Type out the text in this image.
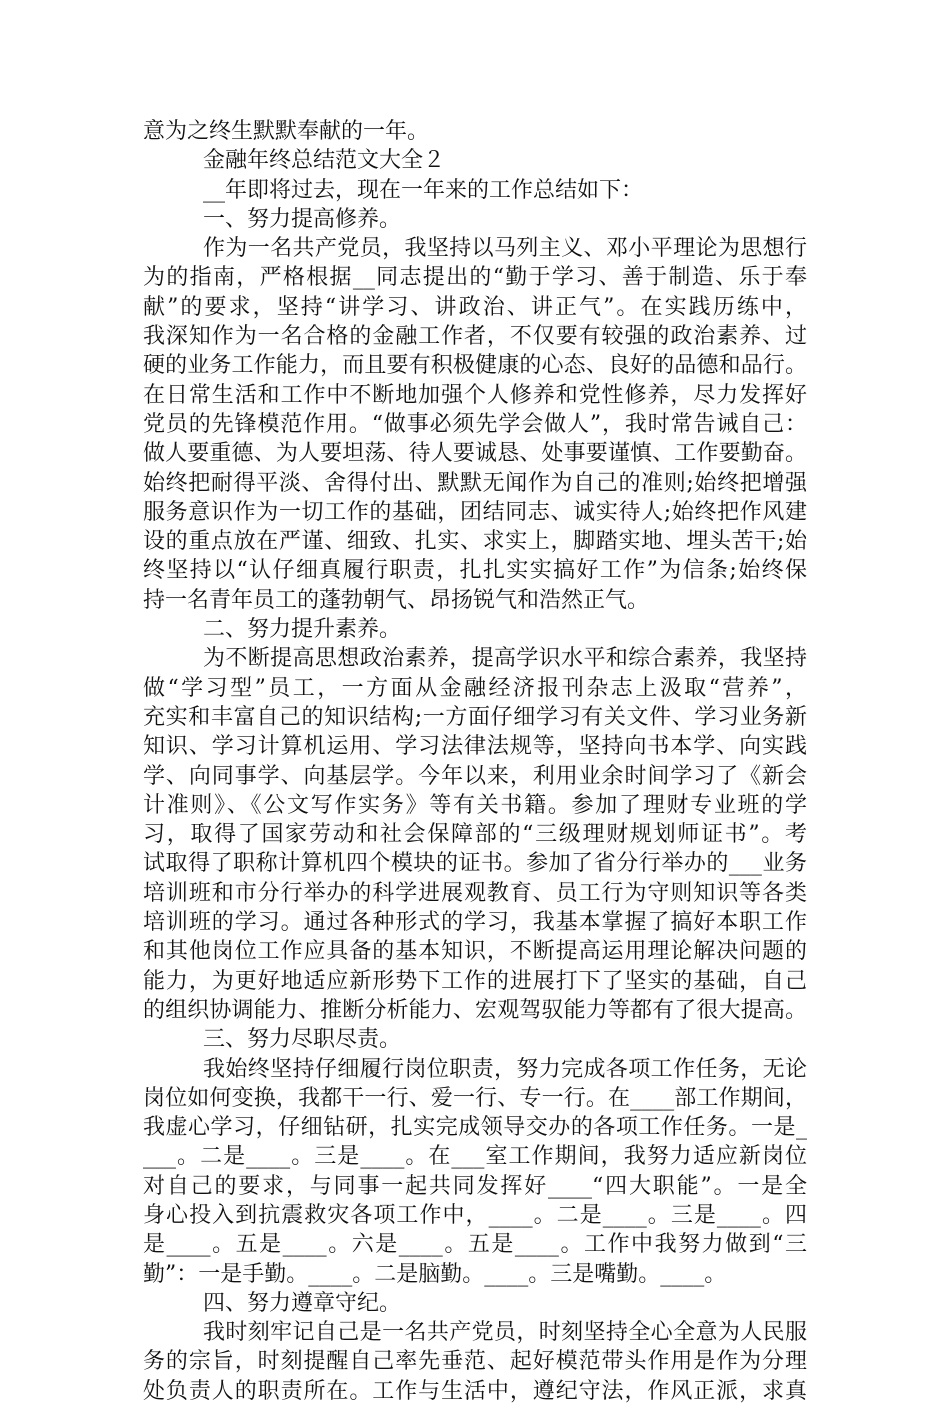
意为之终生默默奉献的一年。
金融年终总结范文大全２
__年即将过去，现在一年来的工作总结如下：
一、努力提高修养。
作为一名共产党员，我坚持以马列主义、邓小平理论为思想行
为的指南，严格根据__同志提出的“勤于学习、善于制造、乐于奉
献”的要求，坚持“讲学习、讲政治、讲正气”。在实践历练中，
我深知作为一名合格的金融工作者，不仅要有较强的政治素养、过
硬的业务工作能力，而且要有积极健康的心态、良好的品德和品行。
在日常生活和工作中不断地加强个人修养和党性修养，尽力发挥好
党员的先锋模范作用。“做事必须先学会做人”，我时常告诫自己：
做人要重德、为人要坦荡、待人要诚恳、处事要谨慎、工作要勤奋。
始终把耐得平淡、舍得付出、默默无闻作为自己的准则;始终把增强
服务意识作为一切工作的基础，团结同志、诚实待人;始终把作风建
设的重点放在严谨、细致、扎实、求实上，脚踏实地、埋头苦干;始
终坚持以“认仔细真履行职责，扎扎实实搞好工作”为信条;始终保
持一名青年员工的蓬勃朝气、昂扬锐气和浩然正气。
二、努力提升素养。
为不断提高思想政治素养，提高学识水平和综合素养，我坚持
做“学习型”员工，一方面从金融经济报刊杂志上汲取“营养”，
充实和丰富自己的知识结构;一方面仔细学习有关文件、学习业务新
知识、学习计算机运用、学习法律法规等，坚持向书本学、向实践
学、向同事学、向基层学。今年以来，利用业余时间学习了《新会
计准则》、《公文写作实务》等有关书籍。参加了理财专业班的学
习，取得了国家劳动和社会保障部的“三级理财规划师证书”。考
试取得了职称计算机四个模块的证书。参加了省分行举办的___业务
培训班和市分行举办的科学进展观教育、员工行为守则知识等各类
培训班的学习。通过各种形式的学习，我基本掌握了搞好本职工作
和其他岗位工作应具备的基本知识，不断提高运用理论解决问题的
能力，为更好地适应新形势下工作的进展打下了坚实的基础，自己
的组织协调能力、推断分析能力、宏观驾驭能力等都有了很大提高。
三、努力尽职尽责。
我始终坚持仔细履行岗位职责，努力完成各项工作任务，无论
岗位如何变换，我都干一行、爱一行、专一行。在____部工作期间，
我虚心学习，仔细钻研，扎实完成领导交办的各项工作任务。一是_
___。二是____。三是____。在___室工作期间，我努力适应新岗位
对自己的要求，与同事一起共同发挥好____“四大职能”。一是全
身心投入到抗震救灾各项工作中，____。二是____。三是____。四
是____。五是____。六是____。五是____。工作中我努力做到“三
勤”：一是手勤。____。二是脑勤。____。三是嘴勤。____。
四、努力遵章守纪。
我时刻牢记自己是一名共产党员，时刻坚持全心全意为人民服
务的宗旨，时刻提醒自己率先垂范、起好模范带头作用是作为分理
处负责人的职责所在。工作与生活中，遵纪守法，作风正派，求真
